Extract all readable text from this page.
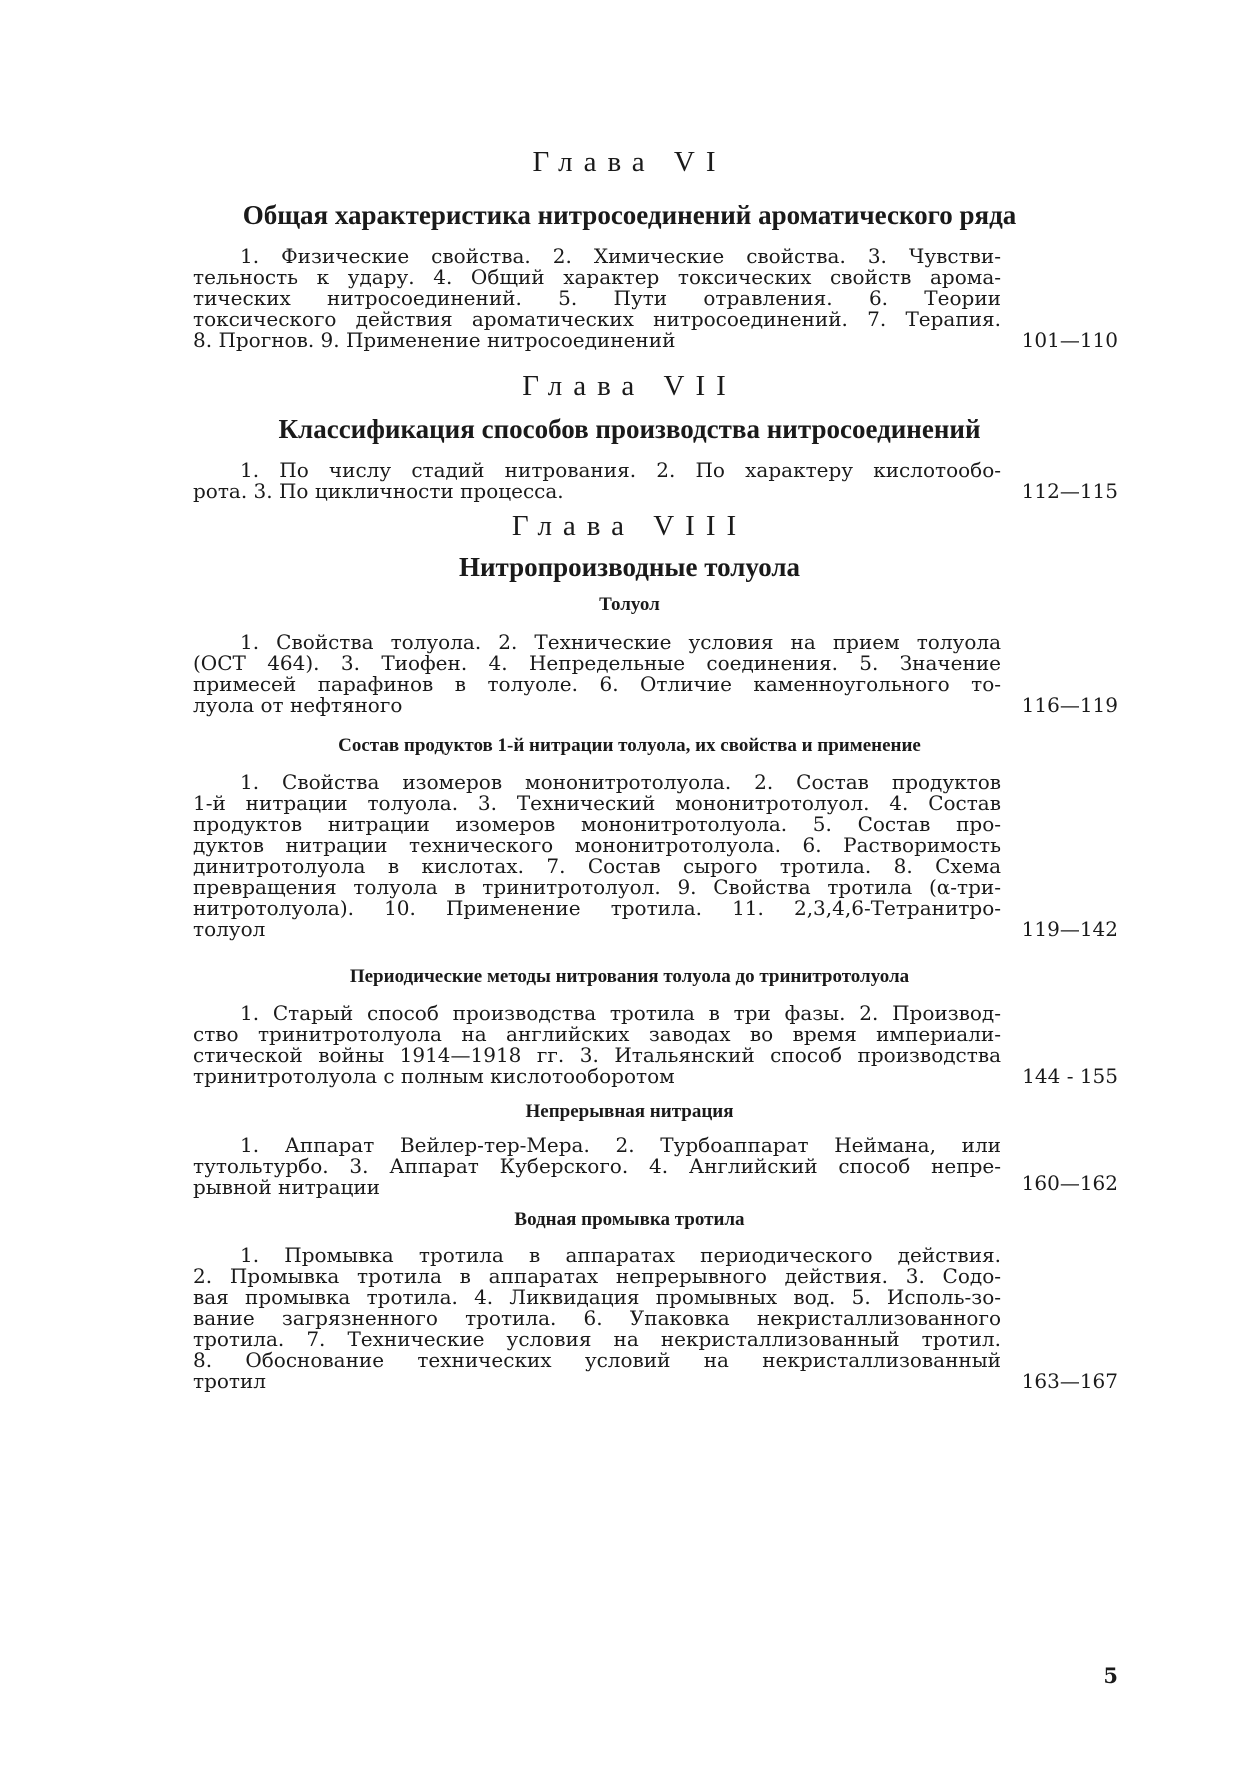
Глава VI
Общая характеристика нитросоединений ароматического ряда
1. Физические свойства. 2. Химические свойства. 3. Чувстви-
тельность к удару. 4. Общий характер токсических свойств арома-
тических нитросоединений. 5. Пути отравления. 6. Теории
токсического действия ароматических нитросоединений. 7. Терапия.
8. Прогнов. 9. Применение нитросоединений	101—110
Глава VII
Классификация способов производства нитросоединений
1. По числу стадий нитрования. 2. По характеру кислотообо-
рота. 3. По цикличности процесса.	112—115
Глава VIII
Нитропроизводные толуола
Толуол
1. Свойства толуола. 2. Технические условия на прием толуола
(ОСТ 464). 3. Тиофен. 4. Непредельные соединения. 5. Значение
примесей парафинов в толуоле. 6. Отличие каменноугольного то-
луола от нефтяного	116—119
Состав продуктов 1-й нитрации толуола, их свойства и применение
1. Свойства изомеров мононитротолуола. 2. Состав продуктов
1-й нитрации толуола. 3. Технический мононитротолуол. 4. Состав
продуктов нитрации изомеров мононитротолуола. 5. Состав про-
дуктов нитрации технического мононитротолуола. 6. Растворимость
динитротолуола в кислотах. 7. Состав сырого тротила. 8. Схема
превращения толуола в тринитротолуол. 9. Свойства тротила (α-три-
нитротолуола). 10. Применение тротила. 11. 2,3,4,6-Тетранитро-
толуол	119—142
Периодические методы нитрования толуола до тринитротолуола
1. Старый способ производства тротила в три фазы. 2. Производ-
ство тринитротолуола на английских заводах во время империали-
стической войны 1914—1918 гг. 3. Итальянский способ производства
тринитротолуола с полным кислотооборотом	144 - 155
Непрерывная нитрация
1. Аппарат Вейлер-тер-Мера. 2. Турбоаппарат Неймана, или
тутольтурбо. 3. Аппарат Куберского. 4. Английский способ непре-
рывной нитрации	160—162
Водная промывка тротила
1. Промывка тротила в аппаратах периодического действия.
2. Промывка тротила в аппаратах непрерывного действия. 3. Содо-
вая промывка тротила. 4. Ликвидация промывных вод. 5. Исполь-зо-
вание загрязненного тротила. 6. Упаковка некристаллизованного
тротила. 7. Технические условия на некристаллизованный тротил.
8. Обоснование технических условий на некристаллизованный
тротил	163—167
5
